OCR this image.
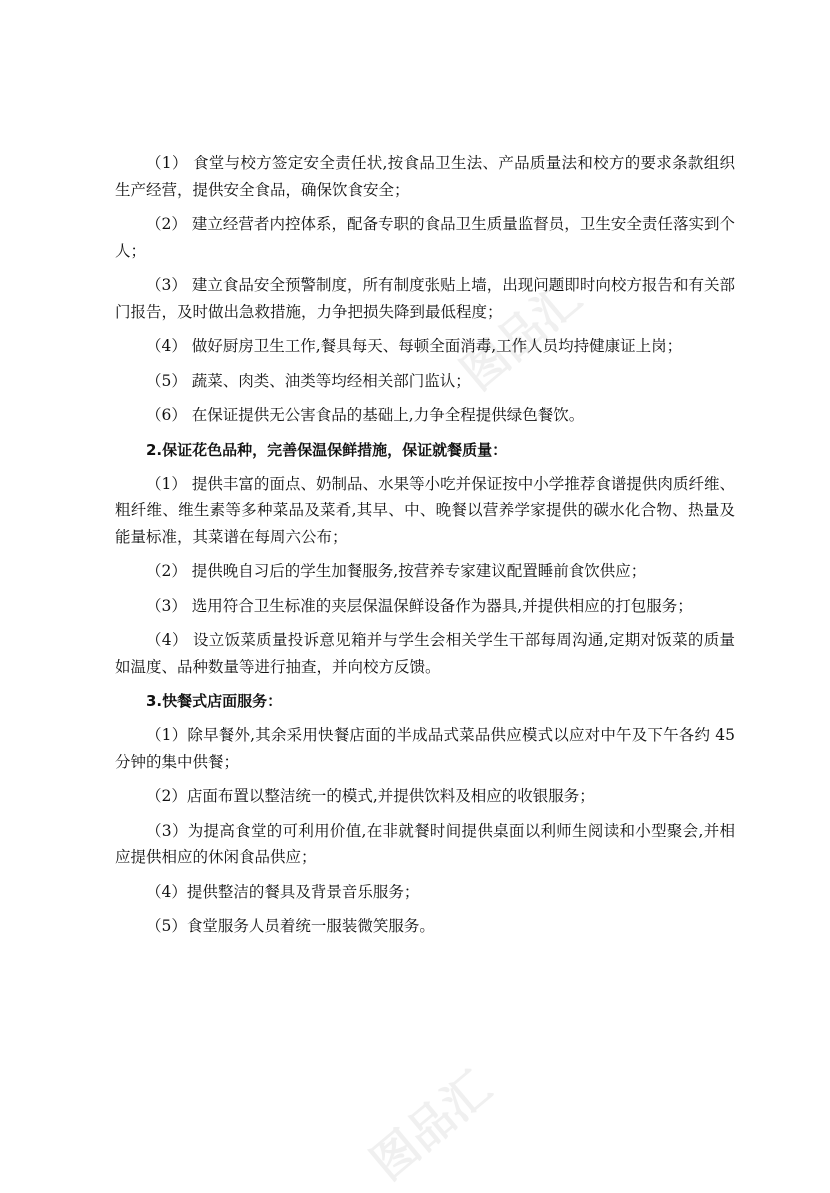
图品汇
图品汇

（1） 食堂与校方签定安全责任状,按食品卫生法、产品质量法和校方的要求条款组织生产经营，提供安全食品，确保饮食安全；

（2） 建立经营者内控体系，配备专职的食品卫生质量监督员，卫生安全责任落实到个人；

（3） 建立食品安全预警制度，所有制度张贴上墙，出现问题即时向校方报告和有关部门报告，及时做出急救措施，力争把损失降到最低程度；

（4） 做好厨房卫生工作,餐具每天、每顿全面消毒,工作人员均持健康证上岗；

（5） 蔬菜、肉类、油类等均经相关部门监认；

（6） 在保证提供无公害食品的基础上,力争全程提供绿色餐饮。

2.保证花色品种，完善保温保鲜措施，保证就餐质量：

（1） 提供丰富的面点、奶制品、水果等小吃并保证按中小学推荐食谱提供肉质纤维、粗纤维、维生素等多种菜品及菜肴,其早、中、晚餐以营养学家提供的碳水化合物、热量及能量标准，其菜谱在每周六公布；

（2） 提供晚自习后的学生加餐服务,按营养专家建议配置睡前食饮供应；

（3） 选用符合卫生标准的夹层保温保鲜设备作为器具,并提供相应的打包服务；

（4） 设立饭菜质量投诉意见箱并与学生会相关学生干部每周沟通,定期对饭菜的质量如温度、品种数量等进行抽查，并向校方反馈。

3.快餐式店面服务：

（1）除早餐外,其余采用快餐店面的半成品式菜品供应模式以应对中午及下午各约 45 分钟的集中供餐；

（2）店面布置以整洁统一的模式,并提供饮料及相应的收银服务；

（3）为提高食堂的可利用价值,在非就餐时间提供桌面以利师生阅读和小型聚会,并相应提供相应的休闲食品供应；

（4）提供整洁的餐具及背景音乐服务；

（5）食堂服务人员着统一服装微笑服务。
